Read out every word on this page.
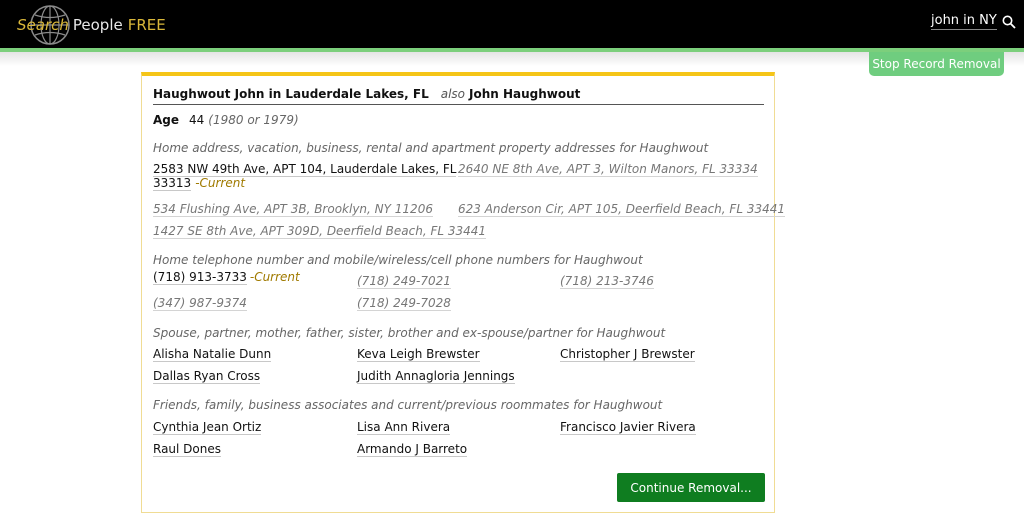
Search People FREE	john in NY
Stop Record Removal
Haughwout John in Lauderdale Lakes, FL also John Haughwout
Age 44 (1980 or 1979)
Home address, vacation, business, rental and apartment property addresses for Haughwout
2583 NW 49th Ave, APT 104, Lauderdale Lakes, FL
33313 -Current
2640 NE 8th Ave, APT 3, Wilton Manors, FL 33334
534 Flushing Ave, APT 3B, Brooklyn, NY 11206 623 Anderson Cir, APT 105, Deerfield Beach, FL 33441
1427 SE 8th Ave, APT 309D, Deerfield Beach, FL 33441
Home telephone number and mobile/wireless/cell phone numbers for Haughwout
(718) 913-3733 -Current	(718) 249-7021	(718) 213-3746
(347) 987-9374	(718) 249-7028
Spouse, partner, mother, father, sister, brother and ex-spouse/partner for Haughwout
Alisha Natalie Dunn	Keva Leigh Brewster	Christopher J Brewster
Dallas Ryan Cross	Judith Annagloria Jennings
Friends, family, business associates and current/previous roommates for Haughwout
Cynthia Jean Ortiz	Lisa Ann Rivera	Francisco Javier Rivera
Raul Dones	Armando J Barreto
Continue Removal...
